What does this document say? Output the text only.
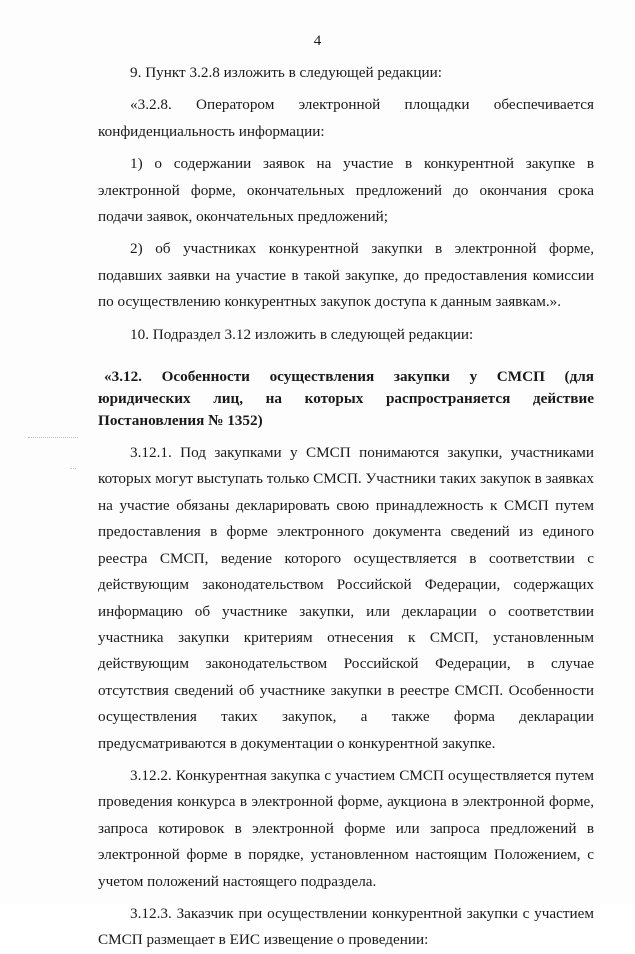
4

9. Пункт 3.2.8 изложить в следующей редакции:

«3.2.8. Оператором электронной площадки обеспечивается конфиденциальность информации:

1) о содержании заявок на участие в конкурентной закупке в электронной форме, окончательных предложений до окончания срока подачи заявок, окончательных предложений;

2) об участниках конкурентной закупки в электронной форме, подавших заявки на участие в такой закупке, до предоставления комиссии по осуществлению конкурентных закупок доступа к данным заявкам.».

10. Подраздел 3.12 изложить в следующей редакции:

«3.12. Особенности осуществления закупки у СМСП (для юридических лиц, на которых распространяется действие Постановления № 1352)

3.12.1. Под закупками у СМСП понимаются закупки, участниками которых могут выступать только СМСП. Участники таких закупок в заявках на участие обязаны декларировать свою принадлежность к СМСП путем предоставления в форме электронного документа сведений из единого реестра СМСП, ведение которого осуществляется в соответствии с действующим законодательством Российской Федерации, содержащих информацию об участнике закупки, или декларации о соответствии участника закупки критериям отнесения к СМСП, установленным действующим законодательством Российской Федерации, в случае отсутствия сведений об участнике закупки в реестре СМСП. Особенности осуществления таких закупок, а также форма декларации предусматриваются в документации о конкурентной закупке.

3.12.2. Конкурентная закупка с участием СМСП осуществляется путем проведения конкурса в электронной форме, аукциона в электронной форме, запроса котировок в электронной форме или запроса предложений в электронной форме в порядке, установленном настоящим Положением, с учетом положений настоящего подраздела.

3.12.3. Заказчик при осуществлении конкурентной закупки с участием СМСП размещает в ЕИС извещение о проведении:
